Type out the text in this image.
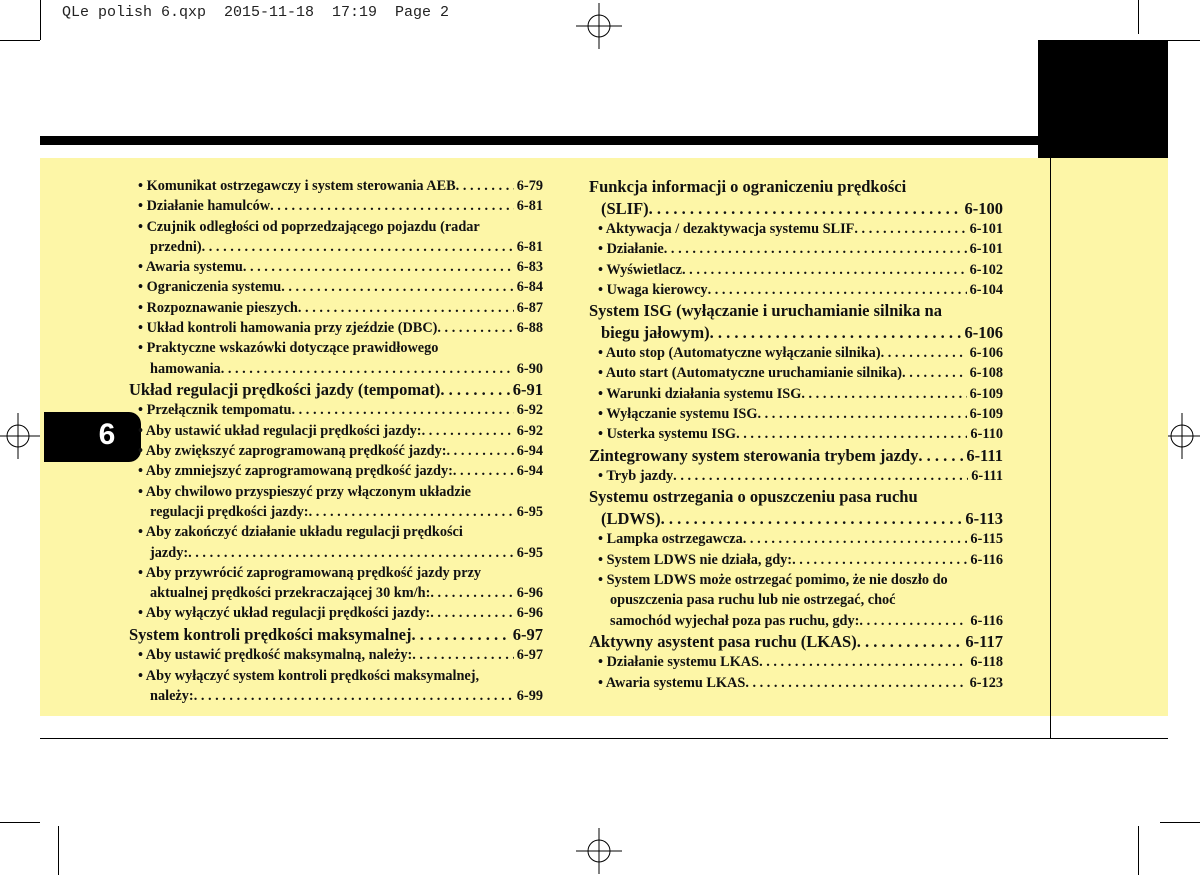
QLe polish 6.qxp  2015-11-18  17:19  Page 2
6
• Komunikat ostrzegawczy i system sterowania AEB . . .	6-79
• Działanie hamulców . . .	6-81
• Czujnik odległości od poprzedzającego pojazdu (radar
przedni) . . .	6-81
• Awaria systemu . . .	6-83
• Ograniczenia systemu . . .	6-84
• Rozpoznawanie pieszych . . .	6-87
• Układ kontroli hamowania przy zjeździe (DBC) . . .	6-88
• Praktyczne wskazówki dotyczące prawidłowego
hamowania . . .	6-90
Układ regulacji prędkości jazdy (tempomat) . . .	6-91
• Przełącznik tempomatu . . .	6-92
• Aby ustawić układ regulacji prędkości jazdy: . . .	6-92
• Aby zwiększyć zaprogramowaną prędkość jazdy: . . .	6-94
• Aby zmniejszyć zaprogramowaną prędkość jazdy: . . .	6-94
• Aby chwilowo przyspieszyć przy włączonym układzie
regulacji prędkości jazdy: . . .	6-95
• Aby zakończyć działanie układu regulacji prędkości
jazdy: . . .	6-95
• Aby przywrócić zaprogramowaną prędkość jazdy przy
aktualnej prędkości przekraczającej 30 km/h: . . .	6-96
• Aby wyłączyć układ regulacji prędkości jazdy: . . .	6-96
System kontroli prędkości maksymalnej . . .	6-97
• Aby ustawić prędkość maksymalną, należy: . . .	6-97
• Aby wyłączyć system kontroli prędkości maksymalnej,
należy: . . .	6-99
Funkcja informacji o ograniczeniu prędkości
(SLIF) . . .	6-100
• Aktywacja / dezaktywacja systemu SLIF . . .	6-101
• Działanie . . .	6-101
• Wyświetlacz . . .	6-102
• Uwaga kierowcy . . .	6-104
System ISG (wyłączanie i uruchamianie silnika na
biegu jałowym) . . .	6-106
• Auto stop (Automatyczne wyłączanie silnika) . . .	6-106
• Auto start (Automatyczne uruchamianie silnika) . . .	6-108
• Warunki działania systemu ISG . . .	6-109
• Wyłączanie systemu ISG . . .	6-109
• Usterka systemu ISG . . .	6-110
Zintegrowany system sterowania trybem jazdy . . .	6-111
• Tryb jazdy . . .	6-111
Systemu ostrzegania o opuszczeniu pasa ruchu
(LDWS) . . .	6-113
• Lampka ostrzegawcza . . .	6-115
• System LDWS nie działa, gdy: . . .	6-116
• System LDWS może ostrzegać pomimo, że nie doszło do
opuszczenia pasa ruchu lub nie ostrzegać, choć
samochód wyjechał poza pas ruchu, gdy: . . .	6-116
Aktywny asystent pasa ruchu (LKAS) . . .	6-117
• Działanie systemu LKAS . . .	6-118
• Awaria systemu LKAS . . .	6-123
